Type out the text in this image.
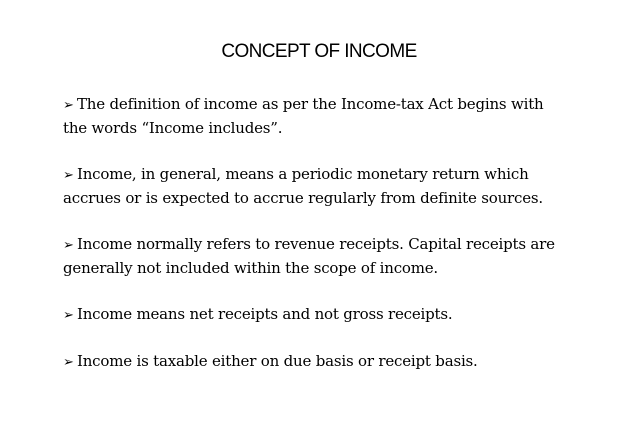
CONCEPT OF INCOME
➢ The definition of income as per the Income-tax Act begins with
the words “Income includes”.
➢ Income, in general, means a periodic monetary return which
accrues or is expected to accrue regularly from definite sources.
➢ Income normally refers to revenue receipts. Capital receipts are
generally not included within the scope of income.
➢ Income means net receipts and not gross receipts.
➢ Income is taxable either on due basis or receipt basis.
